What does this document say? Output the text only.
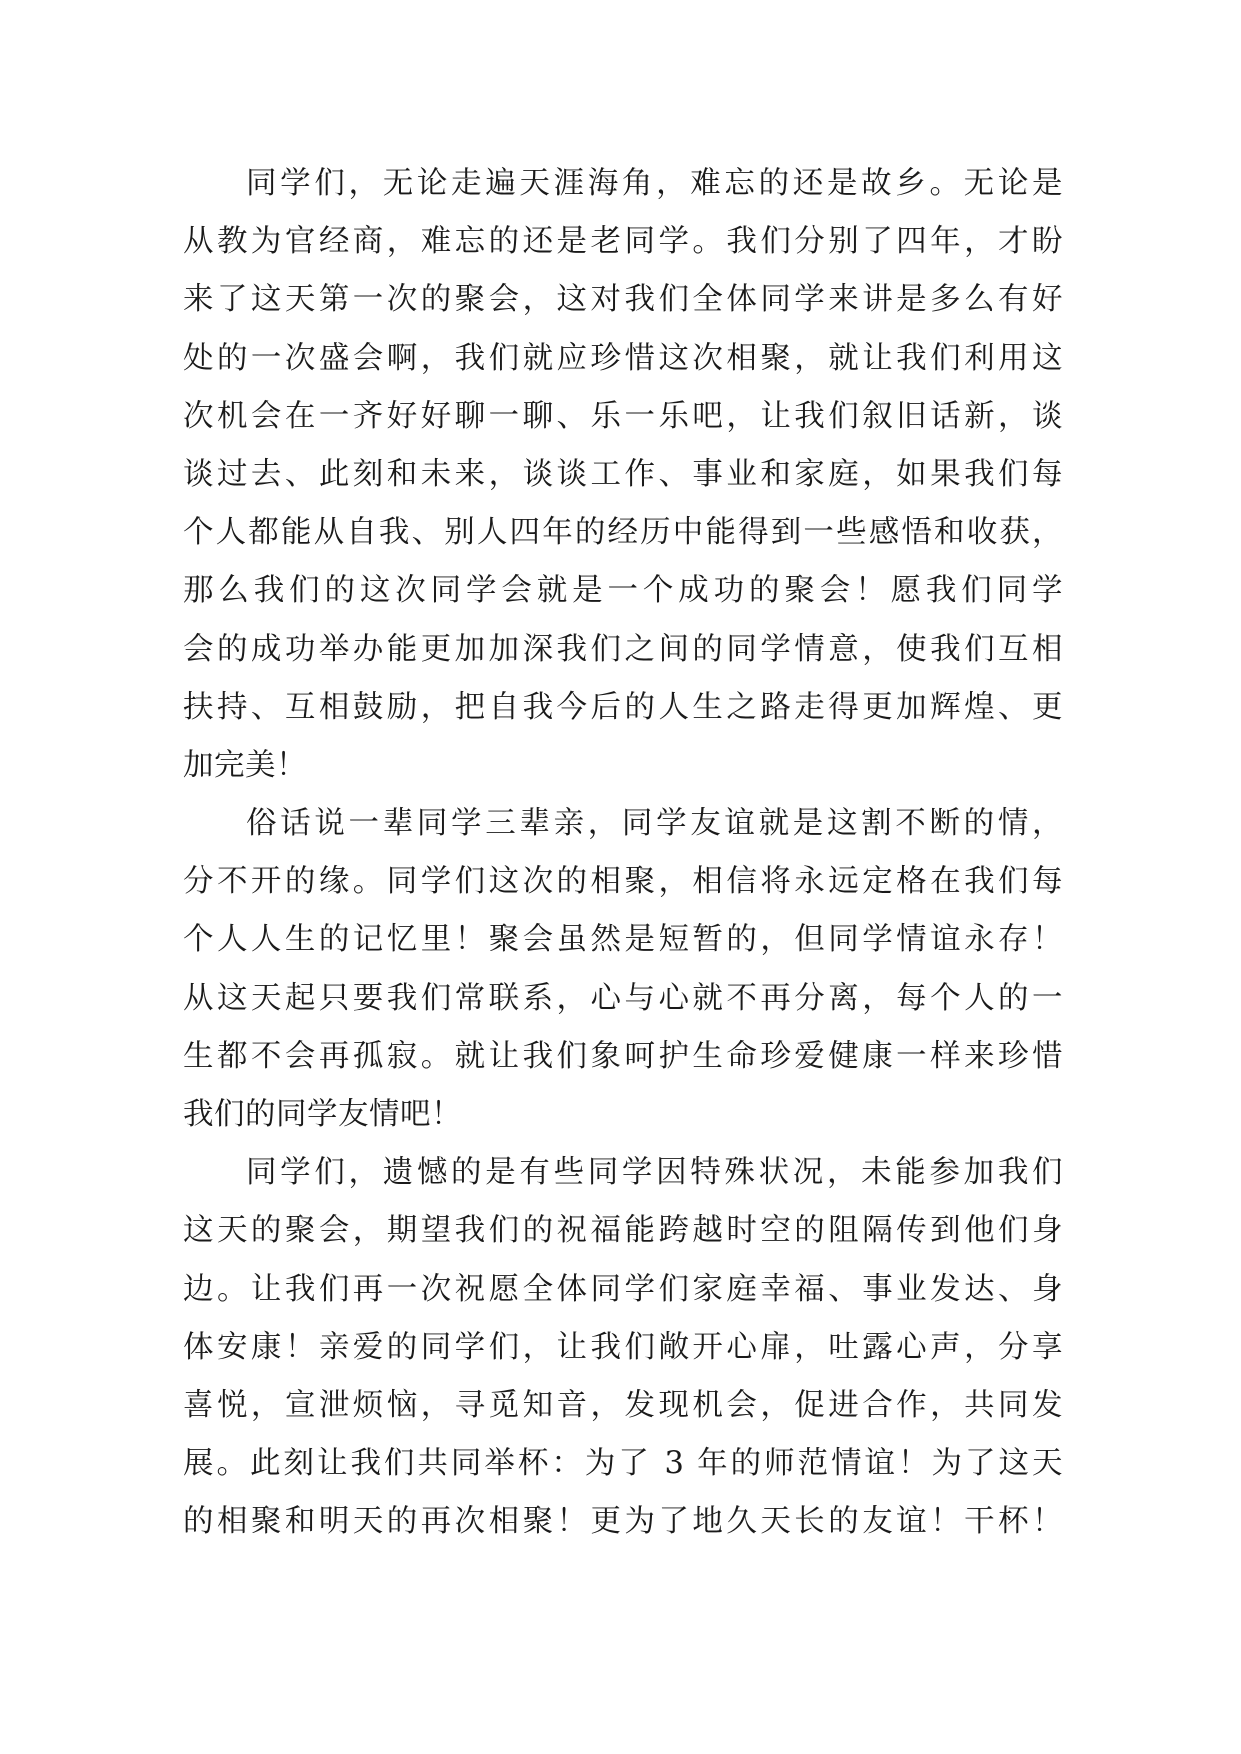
同学们，无论走遍天涯海角，难忘的还是故乡。无论是
从教为官经商，难忘的还是老同学。我们分别了四年，才盼
来了这天第一次的聚会，这对我们全体同学来讲是多么有好
处的一次盛会啊，我们就应珍惜这次相聚，就让我们利用这
次机会在一齐好好聊一聊、乐一乐吧，让我们叙旧话新，谈
谈过去、此刻和未来，谈谈工作、事业和家庭，如果我们每
个人都能从自我、别人四年的经历中能得到一些感悟和收获，
那么我们的这次同学会就是一个成功的聚会！愿我们同学
会的成功举办能更加加深我们之间的同学情意，使我们互相
扶持、互相鼓励，把自我今后的人生之路走得更加辉煌、更
加完美！
俗话说一辈同学三辈亲，同学友谊就是这割不断的情，
分不开的缘。同学们这次的相聚，相信将永远定格在我们每
个人人生的记忆里！聚会虽然是短暂的，但同学情谊永存！
从这天起只要我们常联系，心与心就不再分离，每个人的一
生都不会再孤寂。就让我们象呵护生命珍爱健康一样来珍惜
我们的同学友情吧！
同学们，遗憾的是有些同学因特殊状况，未能参加我们
这天的聚会，期望我们的祝福能跨越时空的阻隔传到他们身
边。让我们再一次祝愿全体同学们家庭幸福、事业发达、身
体安康！亲爱的同学们，让我们敞开心扉，吐露心声，分享
喜悦，宣泄烦恼，寻觅知音，发现机会，促进合作，共同发
展。此刻让我们共同举杯：为了 3 年的师范情谊！为了这天
的相聚和明天的再次相聚！更为了地久天长的友谊！干杯！
